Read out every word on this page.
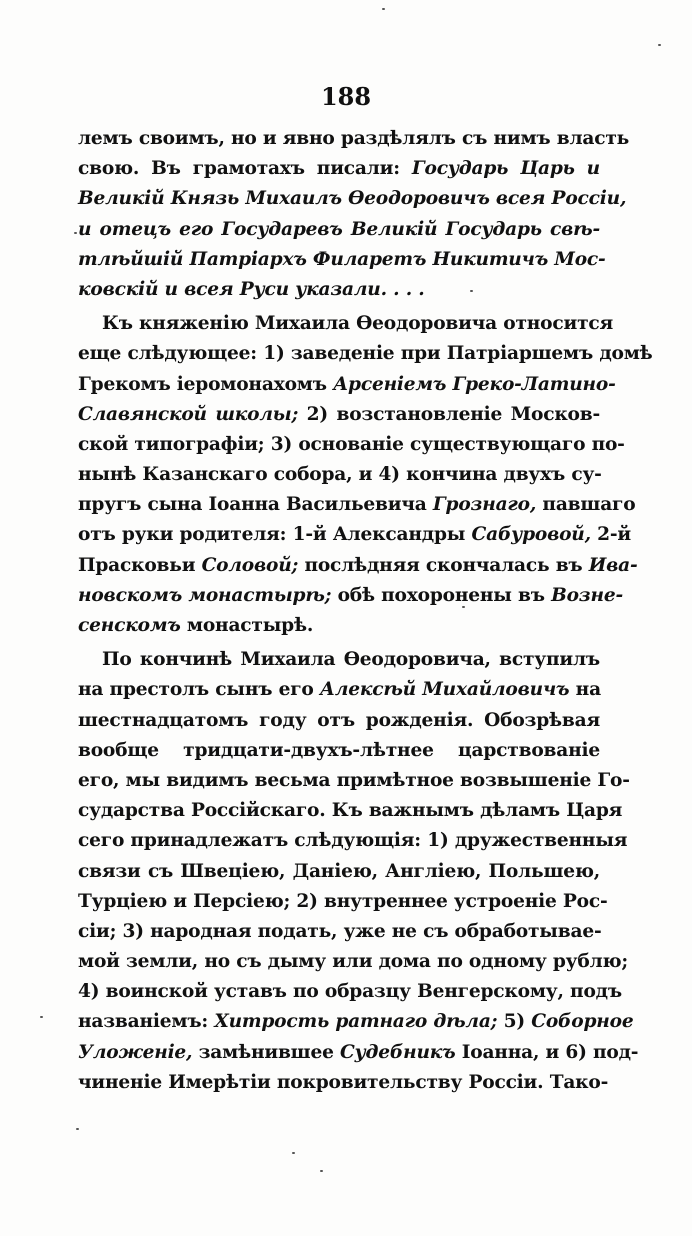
188
лемъ своимъ, но и явно раздѣлялъ съ нимъ власть
свою. Въ грамотахъ писали: Государь Царь и
Великій Князь Михаилъ Ѳеодоровичъ всея Россіи,
и отецъ его Государевъ Великій Государь свѣ-
тлѣйшій Патріархъ Филаретъ Никитичъ Мос-
ковскій и всея Руси указали. . . .
Къ княженію Михаила Ѳеодоровича относится
еще слѣдующее: 1) заведеніе при Патріаршемъ домѣ
Грекомъ іеромонахомъ Арсеніемъ Греко-Латино-
Славянской школы; 2) возстановленіе Москов-
ской типографіи; 3) основаніе существующаго по-
нынѣ Казанскаго собора, и 4) кончина двухъ су-
пругъ сына Іоанна Васильевича Грознаго, павшаго
отъ руки родителя: 1-й Александры Сабуровой, 2-й
Прасковьи Соловой; послѣдняя скончалась въ Ива-
новскомъ монастырѣ; обѣ похоронены въ Возне-
сенскомъ монастырѣ.
По кончинѣ Михаила Ѳеодоровича, вступилъ
на престолъ сынъ его Алексѣй Михайловичъ на
шестнадцатомъ году отъ рожденія. Обозрѣвая
вообще тридцати-двухъ-лѣтнее царствованіе
его, мы видимъ весьма примѣтное возвышеніе Го-
сударства Россійскаго. Къ важнымъ дѣламъ Царя
сего принадлежатъ слѣдующія: 1) дружественныя
связи съ Швеціею, Даніею, Англіею, Польшею,
Турціею и Персіею; 2) внутреннее устроеніе Рос-
сіи; 3) народная подать, уже не съ обработывае-
мой земли, но съ дыму или дома по одному рублю;
4) воинской уставъ по образцу Венгерскому, подъ
названіемъ: Хитрость ратнаго дѣла; 5) Соборное
Уложеніе, замѣнившее Судебникъ Іоанна, и 6) под-
чиненіе Имерѣтіи покровительству Россіи. Тако-
